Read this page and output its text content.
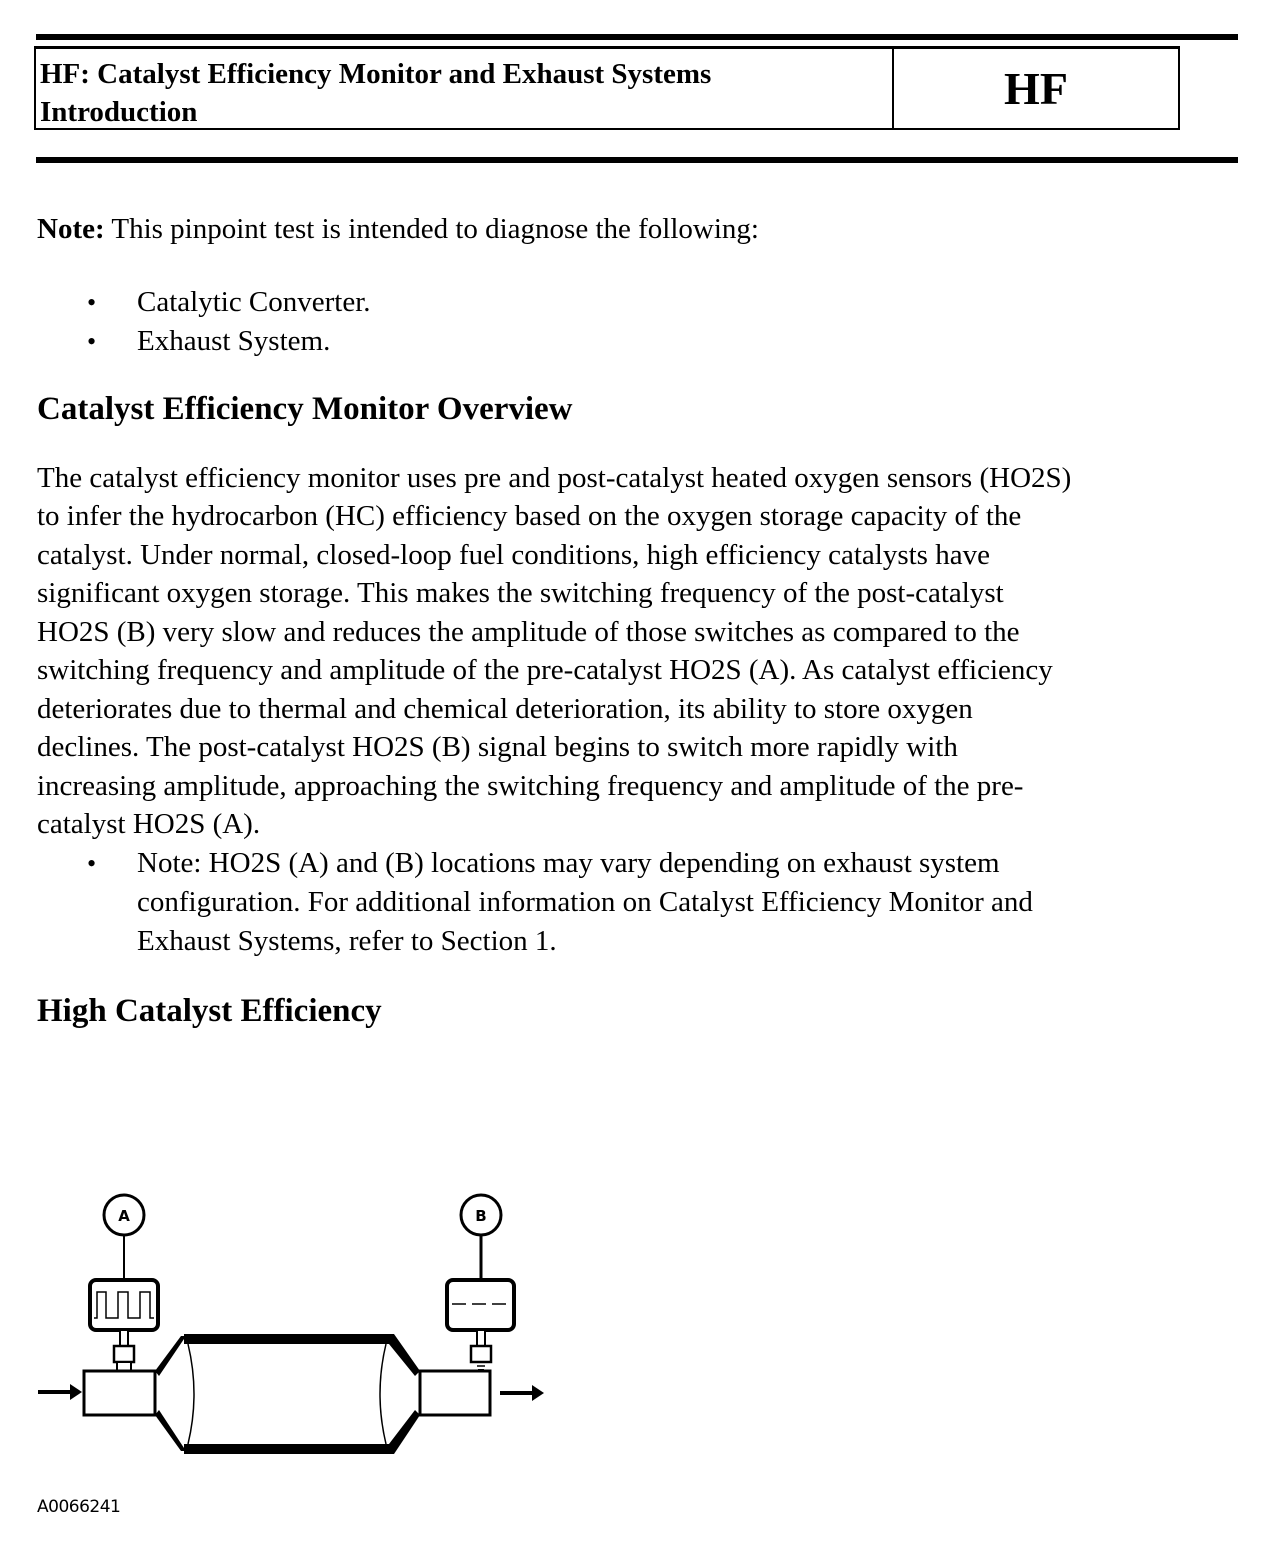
HF: Catalyst Efficiency Monitor and Exhaust Systems
Introduction	HF

Note: This pinpoint test is intended to diagnose the following:

• Catalytic Converter.
• Exhaust System.
Catalyst Efficiency Monitor Overview

The catalyst efficiency monitor uses pre and post-catalyst heated oxygen sensors (HO2S)

to infer the hydrocarbon (HC) efficiency based on the oxygen storage capacity of the

catalyst. Under normal, closed-loop fuel conditions, high efficiency catalysts have

significant oxygen storage. This makes the switching frequency of the post-catalyst

HO2S (B) very slow and reduces the amplitude of those switches as compared to the

switching frequency and amplitude of the pre-catalyst HO2S (A). As catalyst efficiency

deteriorates due to thermal and chemical deterioration, its ability to store oxygen

declines. The post-catalyst HO2S (B) signal begins to switch more rapidly with

increasing amplitude, approaching the switching frequency and amplitude of the pre-

catalyst HO2S (A).

• Note: HO2S (A) and (B) locations may vary depending on exhaust system
configuration. For additional information on Catalyst Efficiency Monitor and
Exhaust Systems, refer to Section 1.
High Catalyst Efficiency
A	B
A0066241
